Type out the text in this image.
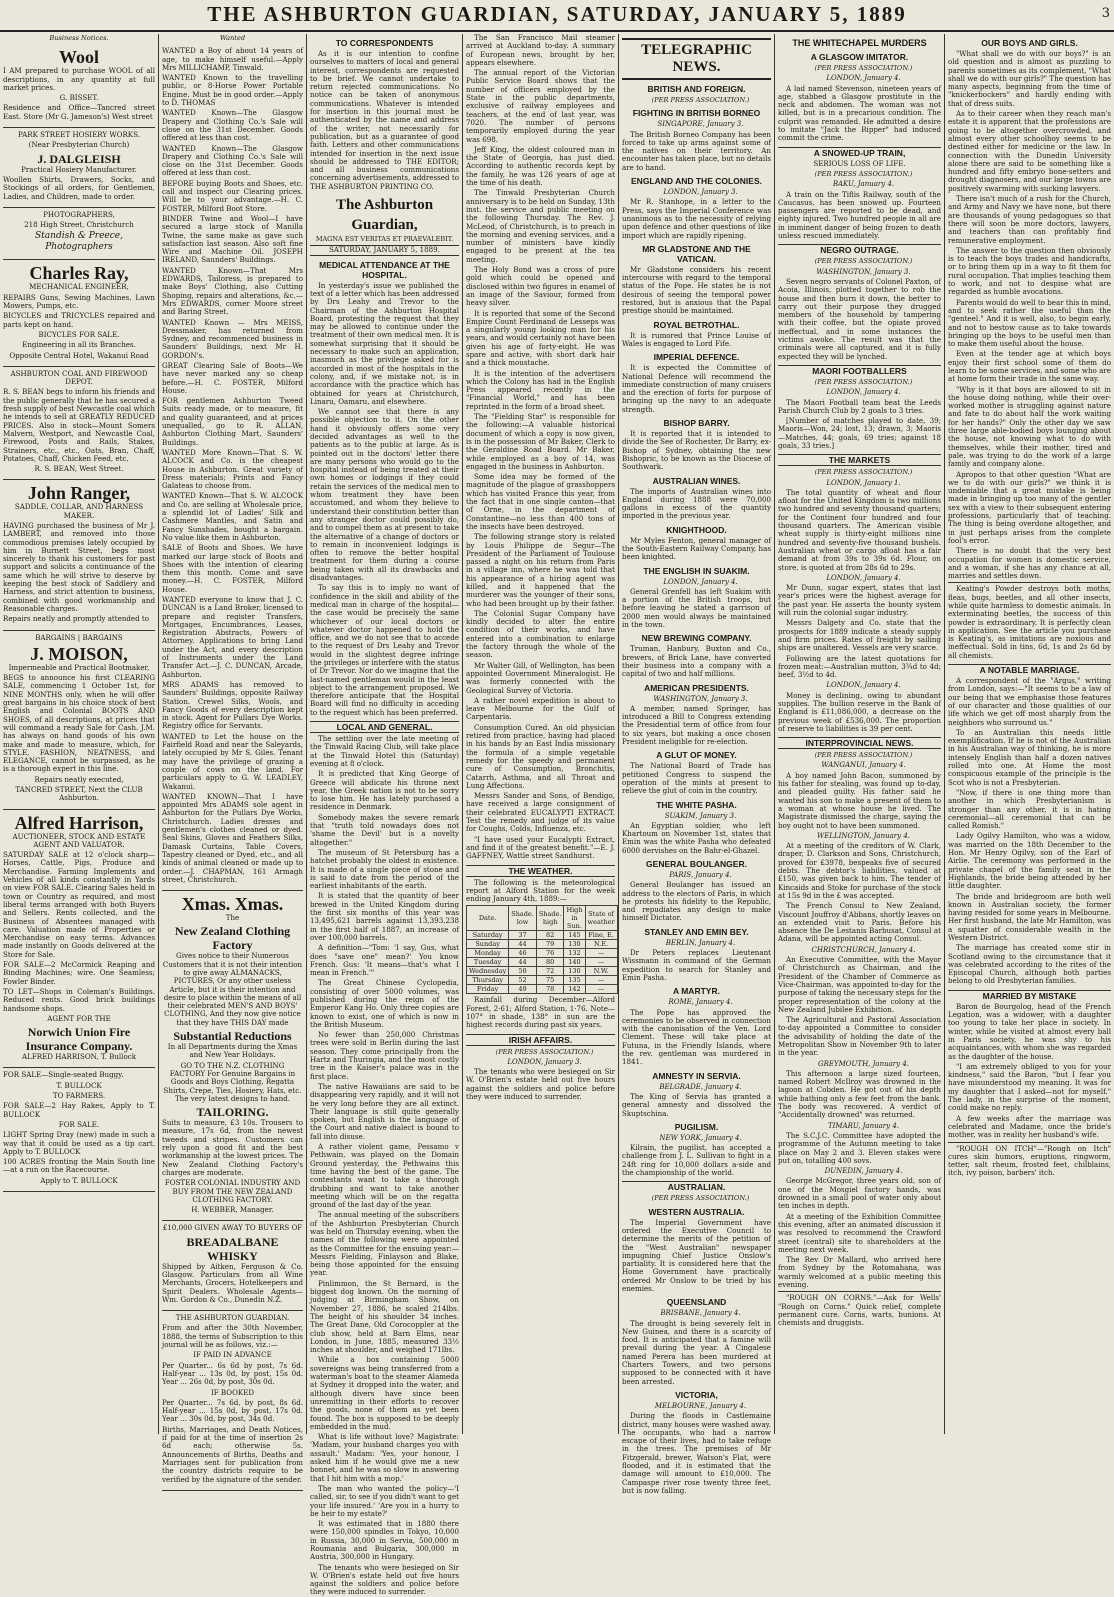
THE ASHBURTON GUARDIAN, SATURDAY, JANUARY 5, 1889	3
Business Notices.
Wool

I AM prepared to purchase WOOL of all descriptions, in any quantity at full market prices.

G. BISSET.

Residence and Office—Tancred street East. Store (Mr G. Jameson's) West street

PARK STREET HOSIERY WORKS.

(Near Presbyterian Church)

J. DALGLEISH

Practical Hosiery Manufacturer.

Woollen Shirts, Drawers, Socks, and Stockings of all orders, for Gentlemen, Ladies, and Children, made to order.

PHOTOGRAPHERS,

218 High Street, Christchurch

Standish & Preece, Photographers

Charles Ray,

MECHANICAL ENGINEER,

REPAIRS Guns, Sewing Machines, Lawn Mowers, Pumps, etc.

BICYCLES and TRICYCLES repaired and parts kept on hand.

BICYCLES FOR SALE.

Engineering in all its Branches.

Opposite Central Hotel, Wakanui Road

ASHBURTON COAL AND FIREWOOD DEPOT.

R. S. BEAN begs to inform his friends and the public generally that he has secured a fresh supply of best Newcastle coal which he intends to sell at GREATLY REDUCED PRICES. Also in stock—Mount Somers Malvern, Westport, and Newcastle Coal, Firewood, Posts and Rails, Stakes, Strainers, etc., etc., Oats, Bran, Chaff, Potatoes, Chaff, Chicken Feed, etc.

R. S. BEAN, West Street.

John Ranger,

SADDLE, COLLAR, AND HARNESS MAKER.

HAVING purchased the business of Mr J. LAMBERT, and removed into those commodious premises lately occupied by him in Burnett Street, begs most sincerely to thank his customers for past support and solicits a continuance of the same which he will strive to deserve by keeping the best stock of Saddlery and Harness, and strict attention to business, combined with good workmanship and Reasonable charges.

Repairs neatly and promptly attended to

BARGAINS | BARGAINS

J. MOISON,

Impermeable and Practical Bootmaker,

BEGS to announce his first CLEARING SALE, commencing 1 October 1st, for NINE MONTHS only, when he will offer great bargains in his choice stock of best English and Colonial BOOTS AND SHOES, of all descriptions, at prices that will command a ready Sale for Cash. J.M. has always on hand goods of his own make and made to measure, which, for STYLE, FASHION, NEATNESS, and ELEGANCE, cannot be surpassed, as he is a thorough expert in this line.

Repairs neatly executed,

TANCRED STREET, Next the CLUB Ashburton.

Alfred Harrison,

AUCTIONEER, STOCK AND ESTATE AGENT AND VALUATOR.

SATURDAY SALE at 12 o'clock sharp—Horses, Cattle, Pigs, Produce and Merchandise. Farming Implements and Vehicles of all kinds constantly in Yards on view FOR SALE. Clearing Sales held in town or Country as required, and most liberal terms arranged with both Buyers and Sellers. Rents collected, and the Business of Absentees managed with care. Valuation made of Properties or Merchandise on easy terms. Advances made instantly on Goods delivered at the Store for Sale.

FOR SALE—2 McCormick Reaping and Binding Machines; wire. One Seamless; Fowler Binder.

TO LET—Shops in Coleman's Buildings. Reduced rents. Good brick buildings handsome shops.

AGENT FOR THE

Norwich Union Fire Insurance Company.

ALFRED HARRISON, T. Bullock

FOR SALE—Single-seated Buggy.

T. BULLOCK

TO FARMERS.

FOR SALE—2 Hay Rakes, Apply to T. BULLOCK

FOR SALE.

LIGHT Spring Dray (new) made in such a way that it could be used as a tip cart. Apply to T. BULLOCK

100 ACRES fronting the Main South line—at a run on the Racecourse.

Apply to T. BULLOCK

Wanted

WANTED a Boy of about 14 years of age, to make himself useful.—Apply Mrs MILLICHAMP, Tinwald.

WANTED Known to the travelling public, or 8-Horse Power Portable Engine. Must be in good order.—Apply to D. THOMAS

WANTED Known—The Glasgow Drapery and Clothing Co.'s Sale will close on the 31st December. Goods offered at less than cost.

WANTED Known—The Glasgow Drapery and Clothing Co.'s Sale will close on the 31st December. Goods offered at less than cost.

BEFORE buying Boots and Shoes, etc. call and inspect our Clearing prices. Will be to your advantage.—H. C. FOSTER, Milford Boot Store.

BINDER Twine and Wool—I have secured a large stock of Manilla Twine, the same make as gave such satisfaction last season. Also soft fine Wire and Machine Oil. JOSEPH IRELAND, Saunders' Buildings.

WANTED Known—That Mrs EDWARDS, Tailoress, is prepared to make Boys' Clothing, also Cutting Shoping, repairs and alterations, &c.—Mrs EDWARDS, corner Moore street and Baring Street.

WANTED Known — Mrs MEISS, Dressmaker, has returned from Sydney, and recommenced business in Saunders' Buildings, next Mr H. GORDON's.

GREAT Clearing Sale of Boots—We have never marked any so cheap before.—H. C. FOSTER, Milford House.

FOR gentlemen Ashburton Tweed Suits ready made, or to measure, fit and quality guaranteed, and at prices unequalled, go to R. ALLAN, Ashburton Clothing Mart, Saunders' Buildings.

WANTED More Known—That S. W. ALCOCK and Co. is the cheapest House in Ashburton. Great variety of Dress materials; Prints and Fancy Galateas to choose from.

WANTED Known—That S. W. ALCOCK and Co. are selling at Wholesale price, a splendid lot of Ladies' Silk and Cashmere Mantles, and Satin and Fancy Sunshades, bought a bargain. No value like them in Ashburton.

SALE of Boots and Shoes. We have marked our large stock of Boots and Shoes with the intention of clearing them this month. Come and save money.—H. C. FOSTER, Milford House.

WANTED everyone to know that J. C. DUNCAN is a Land Broker, licensed to prepare and register Transfers, Mortgages, Encumbrances, Leases, Registration Abstracts, Powers of Attorney. Applications to bring Land under the Act, and every description of Instruments under the Land Transfer Act.—J. C. DUNCAN, Arcade, Ashburton.

MRS ADAMS has removed to Saunders' Buildings, opposite Railway Station. Crewel Silks, Wools, and Fancy Goods of every description kept in stock. Agent for Pullars Dye Works. Registry office for Servants.

WANTED to Let the house on the Fairfield Road and near the Saleyards, lately occupied by Mr S. Giles. Tenant may have the privilege of grazing a couple of cows on the land. For particulars apply to G. W. LEADLEY, Wakanui.

WANTED KNOWN—That I have appointed Mrs ADAMS sole agent in Ashburton for the Pullars Dye Works, Christchurch. Ladies dresses and gentlemen's clothes cleaned or dyed. Seal Skins, Gloves and Feathers Silks, Damask Curtains, Table Covers, Tapestry cleaned or Dyed, etc., and all kinds of animal cleaned or made up to order.—J. CHAPMAN, 161 Armagh street, Christchurch.

Xmas. Xmas.

The

New Zealand Clothing Factory

Gives notice to their Numerous Customers that it is not their intention to give away ALMANACKS, PICTURES, Or any other useless Article, but it is their intention and desire to place within the means of all their celebrated MEN'S AND BOYS' CLOTHING, And they now give notice that they have THIS DAY made

Substantial Reductions

In all Departments during the Xmas and New Year Holidays.

GO TO THE N.Z. CLOTHING FACTORY For Genuine Bargains in Goods and Boys Clothing, Regatta Shirts, Crepe, Ties, Hosiery, Hats, etc. The very latest designs to hand.

TAILORING.

Suits to measure, £3 10s. Trousers to measure, 17s 6d, from the newest tweeds and stripes. Customers can rely upon a good fit and the best workmanship at the lowest prices. The New Zealand Clothing Factory's charges are moderate.

FOSTER COLONIAL INDUSTRY AND BUY FROM THE NEW ZEALAND CLOTHING FACTORY.

H. WEBBER, Manager.

£10,000 GIVEN AWAY TO BUYERS OF

BREADALBANE WHISKY

Shipped by Aitken, Ferguson & Co. Glasgow. Particulars from all Wine Merchants, Grocers, Hotelkeepers and Spirit Dealers. Wholesale Agents—Wm. Gordon & Co., Dunedin N.Z.

THE ASHBURTON GUARDIAN.

From and after the 30th November, 1888, the terms of Subscription to this journal will be as follows, viz.:—

IF PAID IN ADVANCE

Per Quarter... 6s 6d by post, 7s 6d. Half-year ... 13s 0d, by post, 15s 0d. Year ... 26s 0d, by post, 30s 0d.

IF BOOKED

Per Quarter... 7s 6d, by post, 8s 6d. Half-year ... 15s 0d, by post, 17s 0d. Year ... 30s 0d, by post, 34s 0d.

Births, Marriages, and Death Notices, if paid for at the time of insertion 2s 6d each; otherwise 5s. Announcements of Births, Deaths and Marriages sent for publication from the country districts require to be verified by the signature of the sender.

TO CORRESPONDENTS

As it is our intention to confine ourselves to matters of local and general interest, correspondents are requested to be brief. We cannot undertake to return rejected communications. No notice can be taken of anonymous communications. Whatever is intended for insertion in this journal must be authenticated by the name and address of the writer, not necessarily for publication, but as a guarantee of good faith. Letters and other communications intended for insertion in the next issue should be addressed to THE EDITOR; and all business communications concerning advertisements, addressed to THE ASHBURTON PRINTING CO.

The Ashburton Guardian,

MAGNA EST VERITAS ET PRAEVALEBIT.

SATURDAY, JANUARY 5, 1889.

MEDICAL ATTENDANCE AT THE HOSPITAL.

In yesterday's issue we published the text of a letter which has been addressed by Drs Leahy and Trevor to the Chairman of the Ashburton Hospital Board, protesting the request that they may be allowed to continue under the treatment of their own medical men. It is somewhat surprising that it should be necessary to make such an application, inasmuch as the privilege asked for is accorded in most of the hospitals in the colony, and, if we mistake not, is in accordance with the practice which has obtained for years at Christchurch, Linaru, Oamaru, and elsewhere.

We cannot see that there is any possible objection to it. On the other hand it obviously offers some very decided advantages as well to the patients as to the public at large. As is pointed out in the doctors' letter there are many persons who would go to the hospital instead of being treated at their own homes or lodgings if they could retain the services of the medical men to whom treatment they have been accustomed, and whom they believe to understand their constitution better than any stranger doctor could possibly do, and to compel them as at present to take the alternative of a change of doctors or to remain in inconvenient lodgings is often to remove the better hospital treatment for them during a course being taken with all its drawbacks and disadvantages.

To say this is to imply no want of confidence in the skill and ability of the medical man in charge of the hospital—the case would be precisely the same whichever of our local doctors or whatever doctor happened to hold the office, and we do not see that to accede to the request of Drs Leahy and Trevor would in the slightest degree infringe the privileges or interfere with the status of Dr Trevor. Nor do we imagine that the last-named gentleman would in the least object to the arrangement proposed. We therefore anticipate that the Hospital Board will find no difficulty in acceding to the request which has been preferred.

LOCAL AND GENERAL.

The settling over the late meeting of the Tinwald Racing Club, will take place at the Tinwald Hotel this (Saturday) evening at 8 o'clock.

It is predicted that King George of Greece will abdicate his throne next year, the Greek nation is not to be sorry to lose him. He has lately purchased a residence in Denmark.

Somebody makes the severe remark that "truth told nowadays does not 'shame the Devil' but is a novelty altogether."

The museum of St Petersburg has a hatchet probably the oldest in existence. It is made of a single piece of stone and is said to date from the period of the earliest inhabitants of the earth.

It is stated that the quantity of beer brewed in the United Kingdom during the first six months of this year was 13,495,621 barrels against 13,393,238 in the first half of 1887, an increase of over 100,000 barrels.

A definition—"Tom: 'I say, Gus, what does "save one" mean?' You know French. Gus: 'It means—that's what I mean in French.'"

The Great Chinese Cyclopedia, consisting of over 5000 volumes, was published during the reign of the Emperor Kang Ho. Only three copies are known to exist, one of which is now in the British Museum.

No fewer than 250,000 Christmas trees were sold in Berlin during the last season. They come principally from the Hartz and Thuringia, and the most costly tree in the Kaiser's palace was in the first place.

The native Hawaiians are said to be disappearing very rapidly, and it will not be very long before they are all extinct. Their language is still quite generally spoken, but English is the language of the Court and native dialect is bound to fall into disuse.

A rather violent game, Pessamo v Pethwain, was played on the Domain Ground yesterday, the Pethwains this time having the best of the game. The contestants want to take a thorough drubbing and want to take another meeting which will be on the regatta ground of the last day of the year.

The annual meeting of the subscribers of the Ashburton Presbyterian Church was held on Thursday evening, when the names of the following were appointed as the Committee for the ensuing year:—Messrs Fielding, Finlayson and Blake, being those appointed for the ensuing year.

Pinlimmon, the St Bernard, is the biggest dog known. On the morning of judging at Birmingham Show, on November 27, 1886, he scaled 214lbs. The height of his shoulder 34 inches. The Great Dane, Old Corocoppler at the club show, held at Barn Elms, near London, in June, 1885, measured 33½ inches at shoulder, and weighed 171lbs.

While a box containing 5000 sovereigns was being transferred from a waterman's boat to the steamer Alameda at Sydney it dropped into the water, and although divers have since been unremitting in their efforts to recover the goods, none of them as yet been found. The box is supposed to be deeply embedded in the mud.

What is life without love? Magistrate: 'Madam, your husband charges you with assault.' Madam: 'Yes, your honour, I asked him if he would give me a new bonnet, and he was so slow in answering that I hit him with a mop.'

The man who wanted the policy—'I called, sir, to see if you didn't want to get your life insured.' 'Are you in a hurry to be heir to my estate?'

It was estimated that in 1880 there were 150,000 spindles in Tokyo, 10,000 in Russia, 30,000 in Servia, 500,000 in Roumania and Bulgaria, 300,000 in Austria, 300,000 in Hungary.

The tenants who were besieged on Sir W. O'Brien's estate held out five hours against the soldiers and police before they were induced to surrender.

The San Francisco Mail steamer arrived at Auckland to-day. A summary of European news, brought by her, appears elsewhere.

The annual report of the Victorian Public Service Board shows that the number of officers employed by the State in the public departments, exclusive of railway employees and teachers, at the end of last year, was 7020. The number of persons temporarily employed during the year was 698.

Jeff King, the oldest coloured man in the State of Georgia, has just died. According to authentic records kept by the family, he was 126 years of age at the time of his death.

The Tinwald Presbyterian Church anniversary is to be held on Sunday, 13th inst. the service and public meeting on the following Thursday. The Rev. J. McLeod, of Christchurch, is to preach in the morning and evening services, and a number of ministers have kindly engaged to be present at the tea meeting.

The Holy Bond was a cross of pure gold which could be opened and disclosed within two figures in enamel of an image of the Saviour, formed from heavy silver.

It is reported that some of the Second Empire Count Ferdinand de Lesseps was a singularly young looking man for his years, and would certainly not have been given his age of forty-eight. He was spare and active, with short dark hair and a thick moustache.

It is the intention of the advertisers which the Colony has had in the English Press appeared recently in the "Financial World," and has been reprinted in the form of a broad sheet.

The "Fielding Star" is responsible for the following:—A valuable historical document of which a copy is now given, is in the possession of Mr Baker, Clerk to the Geraldine Road Board. Mr Baker, while employed as a boy of 14, was engaged in the business in Ashburton.

Some idea may be formed of the magnitude of the plague of grasshoppers which has visited France this year, from the fact that in one single canton—that of Orne, in the department of Constantine—no less than 400 tons of the insects have been destroyed.

The following strange story is related by Louis Philippe de Segur—The President of the Parliament of Toulouse passed a night on his return from Paris in a village inn, where he was told that his appearance of a hiring agent was killed, and it happened that the murderer was the younger of their sons, who had been brought up by their father.

The Colonial Sugar Company have kindly decided to alter the entire condition of their works, and have entered into a combination to enlarge the factory through the whole of the season.

Mr Walter Gill, of Wellington, has been appointed Government Mineralogist. He was formerly connected with the Geological Survey of Victoria.

A rather novel expedition is about to leave Melbourne for the Gulf of Carpentaria.

Consumption Cured. An old physician retired from practice, having had placed in his hands by an East India missionary the formula of a simple vegetable remedy for the speedy and permanent cure of Consumption, Bronchitis, Catarrh, Asthma, and all Throat and Lung Affections.

Messrs Sander and Sons, of Bendigo, have received a large consignment of their celebrated EUCALYPTI EXTRACT. Test the remedy and judge of its value for Coughs, Colds, Influenza, etc.

"I have used your Eucalypti Extract, and find it of the greatest benefit."—E. J. GAFFNEY, Wattle street Sandhurst.

THE WEATHER.

The following is the meteorological report at Alford Station for the week ending January 4th, 1889:—

Date.	Shade. low	Shade. high	High in Sun.	State of weather
Saturday	37	82	145	Fine, E.
Sunday	44	79	130	N.E.
Monday	46	76	132	—
Tuesday	44	80	140	—
Wednesday	50	72	130	N.W.
Thursday	52	75	135	—
Friday	49	78	142	—

Rainfall during December—Alford Forest, 2·61; Alford Station, 1·76. Note—107° in shade, 138° in sun are the highest records during past six years.

IRISH AFFAIRS.

(PER PRESS ASSOCIATION.)

LONDON, January 3.

The tenants who were besieged on Sir W. O'Brien's estate held out five hours against the soldiers and police before they were induced to surrender.

TELEGRAPHIC NEWS.
BRITISH AND FOREIGN.

(PER PRESS ASSOCIATION.)

FIGHTING IN BRITISH BORNEO

SINGAPORE, January 3.

The British Borneo Company has been forced to take up arms against some of the natives on their territory. An encounter has taken place, but no details are to hand.

ENGLAND AND THE COLONIES.

LONDON, January 3.

Mr R. Stanhope, in a letter to the Press, says the Imperial Conference was unanimous as to the necessity of relying upon defence and other questions of like import which are rapidly ripening.

MR GLADSTONE AND THE VATICAN.

Mr Gladstone considers his recent intercourse with regard to the temporal status of the Pope. He states he is not desirous of seeing the temporal power restored, but is anxious that the Papal prestige should be maintained.

ROYAL BETROTHAL.

It is rumored that Prince Louise of Wales is engaged to Lord Fife.

IMPERIAL DEFENCE.

It is expected the Committee of National Defence will recommend the immediate construction of many cruisers and the erection of forts for purpose of bringing up the navy to an adequate strength.

BISHOP BARRY.

It is reported that it is intended to divide the See of Rochester, Dr Barry, ex-Bishop of Sydney, obtaining the new Bishopric, to be known as the Diocese of Southwark.

AUSTRALIAN WINES.

The imports of Australian wines into England during 1888 were 70,000 gallons in excess of the quantity imported in the previous year.

KNIGHTHOOD.

Mr Myles Fenton, general manager of the South-Eastern Railway Company, has been knighted.

THE ENGLISH IN SUAKIM.

LONDON, January 4.

General Grenfell has left Suakim with a portion of the British troops, but before leaving he stated a garrison of 2000 men would always be maintained in the town.

NEW BREWING COMPANY.

Truman, Hanbury, Buxton and Co., brewers, of Brick Lane, have converted their business into a company with a capital of two and half millions.

AMERICAN PRESIDENTS.

WASHINGTON, January 3.

A member, named Springer, has introduced a Bill to Congress extending the Presidential term of office from four to six years, but making a once chosen President ineligible for re-election.

A GLUT OF MONEY.

The National Board of Trade has petitioned Congress to suspend the operation of the mints at present to relieve the glut of coin in the country.

THE WHITE PASHA.

SUAKIM, January 3.

An Egyptian soldier, who left Khartoum on November 1st, states that Emin was the white Pasha who defeated 6000 dervishes on the Bahr-el-Ghazel.

GENERAL BOULANGER.

PARIS, January 4.

General Boulanger has issued an address to the electors of Paris, in which he protests his fidelity to the Republic, and repudiates any design to make himself Dictator.

STANLEY AND EMIN BEY.

BERLIN, January 4.

Dr Peters replaces Lieutenant Wissmann in command of the German expedition to search for Stanley and Emin Pasha.

A MARTYR.

ROME, January 4.

The Pope has approved the ceremonies to be observed in connection with the canonisation of the Ven. Lord Clement. These will take place at Futuna, in the Friendly Islands, where the rev. gentleman was murdered in 1841.

AMNESTY IN SERVIA.

BELGRADE, January 4.

The King of Servia has granted a general amnesty and dissolved the Skuptschina.

PUGILISM.

NEW YORK, January 4.

Kilrain, the pugilist, has accepted a challenge from J. L. Sullivan to fight in a 24ft ring for 10,000 dollars a-side and the championship of the world.

AUSTRALIAN.

(PER PRESS ASSOCIATION.)

WESTERN AUSTRALIA.

The Imperial Government have ordered the Executive Council to determine the merits of the petition of the "West Australian" newspaper impugning Chief Justice Onslow's partiality. It is considered here that the Home Government have practically ordered Mr Onslow to be tried by his enemies.

QUEENSLAND

BRISBANE, January 4.

The drought is being severely felt in New Guinea, and there is a scarcity of food. It is anticipated that a famine will prevail during the year. A Cingalese named Perera has been murdered at Charters Towers, and two persons supposed to be connected with it have been arrested.

VICTORIA,

MELBOURNE, January 4.

During the floods in Castlemaine district, many houses were washed away. The occupants, who had a narrow escape of their lives, had to take refuge in the trees. The premises of Mr Fitzgerald, brewer, Watson's Flat, were flooded, and it is estimated that the damage will amount to £10,000. The Campaspe river rose twenty three feet, but is now falling.

THE WHITECHAPEL MURDERS
A GLASGOW IMITATOR.

(PER PRESS ASSOCIATION.)

LONDON, January 4.

A lad named Stevenson, nineteen years of age, stabbed a Glasgow prostitute in the neck and abdomen. The woman was not killed, but is in a precarious condition. The culprit was remanded. He admitted a desire to imitate "Jack the Ripper" had induced commit the crime.

A SNOWED-UP TRAIN,

SERIOUS LOSS OF LIFE.

(PER PRESS ASSOCIATION.)

BAKU, January 4.

A train on the Tiflis Railway, south of the Caucasus, has been snowed up. Fourteen passengers are reported to be dead, and eighty injured. Two hundred people in all are in imminent danger of being frozen to death unless rescued immediately.

NEGRO OUTRAGE.

(PER PRESS ASSOCIATION.)

WASHINGTON, January 3.

Seven negro servants of Colonel Paxton, of Acoia, Illinois, plotted together to rob the house and then burn it down, the better to carry out their purpose they drugged members of the household by tampering with their coffee, but the opiate proved ineffectual, and in some instances the victims awoke. The result was that the criminals were all captured, and it is fully expected they will be lynched.

MAORI FOOTBALLERS

(PER PRESS ASSOCIATION.)

LONDON, January 4.

The Maori Football team beat the Leeds Parish Church Club by 2 goals to 3 tries.

[Number of matches played to date, 39; Maoris—Won, 24; lost, 13; drawn, 3; Maoris—Matches, 44; goals, 69 tries; against 18 goals, 33 tries.]

THE MARKETS

(PER PRESS ASSOCIATION.)

LONDON, January 1.

The total quantity of wheat and flour afloat for the United Kingdom is two millions two hundred and seventy thousand quarters; for the Continent four hundred and four thousand quarters. The American visible wheat supply is thirty-eight millions nine hundred and seventy-five thousand bushels. Australian wheat or cargo afloat has a fair demand at from 39s to 39s 6d. Flour, on store, is quoted at from 28s 6d to 29s.

LONDON, January 4.

Mr Dunn, sugar expert, states that last year's prices were the highest average for the past year. He asserts the bounty system will ruin the colonial sugar industry.

Messrs Dalgety and Co. state that the prospects for 1889 indicate a steady supply and firm prices. Rates of freight by sailing ships are unaltered. Vessels are very scarce.

Following are the latest quotations for frozen meat:—Australian mutton, 3¾d to 4d; beef, 3½d to 4d.

LONDON, January 4.

Money is declining, owing to abundant supplies. The bullion reserve in the Bank of England is £11,086,000, a decrease on the previous week of £536,000. The proportion of reserve to liabilities is 39 per cent.

INTERPROVINCIAL NEWS.

(PER PRESS ASSOCIATION.)

WANGANUI, January 4.

A boy named John Bacon, summoned by his father for stealing, was found up to-day, and pleaded guilty. His father said he wanted his son to make a present of them to a woman at whose house he lived. The Magistrate dismissed the charge, saying the boy ought not to have been summoned.

WELLINGTON, January 4.

At a meeting of the creditors of W. Clark, draper, D. Clarkson and Sons, Christchurch, proved for £3978, bespeaks five of secured debts. The debtor's liabilities, valued at £150, was given back to him. The tender of Kincaids and Stoke for purchase of the stock at 15s 9d in the £ was accepted.

The French Consul to New Zealand, Viscount Jouffroy d'Abbans, shortly leaves on an extended visit to Paris. Before his absence the De Lestanis Barbusat, Consul at Adana, will be appointed acting Consul.

CHRISTCHURCH, January 4.

An Executive Committee, with the Mayor of Christchurch as Chairman, and the President of the Chamber of Commerce as Vice-Chairman, was appointed to-day for the purpose of taking the necessary steps for the proper representation of the colony at the New Zealand Jubilee Exhibition.

The Agricultural and Pastoral Association to-day appointed a Committee to consider the advisability of holding the date of the Metropolitan Show in November 9th to later in the year.

GREYMOUTH, January 4.

This afternoon a large sized fourteen, named Robert McIlroy was drowned in the lagoon at Cobden. He got out of his depth while bathing only a few feet from the bank. The body was recovered. A verdict of "Accidentally drowned" was returned.

TIMARU, January 4.

The S.C.J.C. Committee have adopted the programme of the Autumn meeting to take place on May 2 and 3. Eleven stakes were put on, totalling 400 sovs.

DUNEDIN, January 4.

George McGregor, three years old, son of one of the Mosgiel factory hands, was drowned in a small pool of water only about ten inches in depth.

At a meeting of the Exhibition Committee this evening, after an animated discussion it was resolved to recommend the Crawford street (central) site to shareholders at the meeting next week.

The Rev Dr Mallard, who arrived here from Sydney by the Rotomahana, was warmly welcomed at a public meeting this evening.

"ROUGH ON CORNS."—Ask for Wells' "Rough on Corns." Quick relief, complete permanent cure. Corns, warts, bunions. At chemists and druggists.

OUR BOYS AND GIRLS.

"What shall we do with our boys?" is an old question and is almost as puzzling to parents sometimes as its complement, "What shall we do with our girls?" The question has many aspects, beginning from the time of "knickerbockers" and hardly ending with that of dress suits.

As to their career when they reach man's estate it is apparent that the professions are going to be altogether overcrowded, and almost every other schoolboy seems to be destined either for medicine or the law. In connection with the Dunedin University alone there are said to be something like a hundred and fifty embryo bone-setters and drought diagnosers, and our large towns are positively swarming with sucking lawyers.

There isn't much of a rush for the Church, and Army and Navy we have none, but there are thousands of young pedagogues so that there will soon be more doctors, lawyers, and teachers than can profitably find remunerative employment.

The answer to the question then obviously is to teach the boys trades and handicrafts, or to bring them up in a way to fit them for rural occupation. That implies teaching them to work, and not to despise what are regarded as humble avocations.

Parents would do well to bear this in mind, and to seek rather the useful than the "genteel." And it is well, also, to begin early, and not to bestow cause as to take towards bringing up the boys to be useful men than to make them useful about the house.

Even at the tender age at which boys enjoy their first school some of them do learn to be some services, and some who are at home form their trade in the same way.

"Why is it that boys are allowed to sit in the house doing nothing, while their over-worked mother is struggling against nature and fate to do about half the work waiting for her hands?" Only the other day we saw three large able-bodied boys lounging about the house, not knowing what to do with themselves, while their mother, tired and pale, was trying to do the work of a large family and company alone.

Apropos to that other question "What are we to do with our girls?" we think it is undeniable that a great mistake is being made in bringing up too many of the gentler sex with a view to their subsequent entering professions, particularly that of teaching. The thing is being overdone altogether, and in just perhaps arises from the complete fool's error.

There is no doubt that the very best occupation for women is domestic service, and a woman, if she has any chance at all, marries and settles down.

Keating's Powder destroys both moths, fleas, bugs, beetles, and all other insects, while quite harmless to domestic animals. In exterminating beetles, the success of this powder is extraordinary. It is perfectly clean in application. See the article you purchase is Keating's, as imitations are noxious and ineffectual. Sold in tins, 6d, 1s and 2s 6d by all chemists.

A NOTABLE MARRIAGE.

A correspondent of the "Argus," writing from London, says:—"It seems to be a law of our being that we emphasise those features of our character and those qualities of our life which we get off most sharply from the neighbors who surround us."

To an Australian this needs little exemplification. If he is not of the Australian in his Australian way of thinking, he is more intensely English than half a dozen natives rolled into one. At Home the most conspicuous example of the principle is the Scot who is not a Presbyterian.

"Now, if there is one thing more than another in which Presbyterianism is stronger than any other, it is in hating ceremonial—all ceremonial that can be called Romish."

Lady Ogilvy Hamilton, who was a widow, was married on the 18th December to the Hon. Mr Henry Ogilvy, son of the Earl of Airlie. The ceremony was performed in the private chapel of the family seat in the Highlands, the bride being attended by her little daughter.

The bride and bridegroom are both well known in Australian society, the former having resided for some years in Melbourne. Her first husband, the late Mr Hamilton, was a squatter of considerable wealth in the Western District.

The marriage has created some stir in Scotland owing to the circumstance that it was celebrated according to the rites of the Episcopal Church, although both parties belong to old Presbyterian families.

MARRIED BY MISTAKE

Baron de Bourgolog, head of the French Legation, was a widower, with a daughter too young to take her place in society. In winter, while he visited at almost every ball in Paris society, he was shy to his acquaintances, with whom she was regarded as the daughter of the house.

"I am extremely obliged to you for your kindness," said the Baron, "but I fear you have misunderstood my meaning. It was for my daughter that I asked—not for myself." The lady, in the surprise of the moment, could make no reply.

A few weeks after the marriage was celebrated and Madame, once the bride's mother, was in reality her husband's wife.

"ROUGH ON ITCH"—"Rough on Itch" cures skin humors, eruptions, ringworm, tetter, salt rheum, frosted feet, chilblains, itch, ivy poison, barbers' itch.
